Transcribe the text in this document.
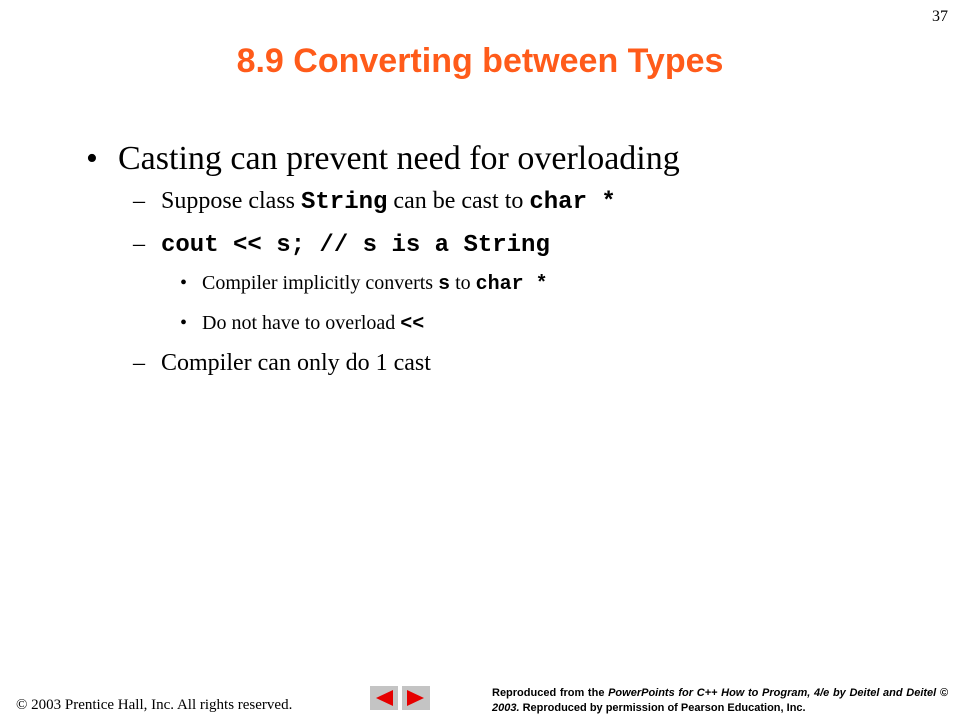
37
8.9 Converting between Types
• Casting can prevent need for overloading
– Suppose class String can be cast to char *
– cout << s; // s is a String
• Compiler implicitly converts s to char *
• Do not have to overload <<
– Compiler can only do 1 cast
© 2003 Prentice Hall, Inc. All rights reserved.
Reproduced from the PowerPoints for C++ How to Program, 4/e by Deitel and Deitel © 2003. Reproduced by permission of Pearson Education, Inc.
